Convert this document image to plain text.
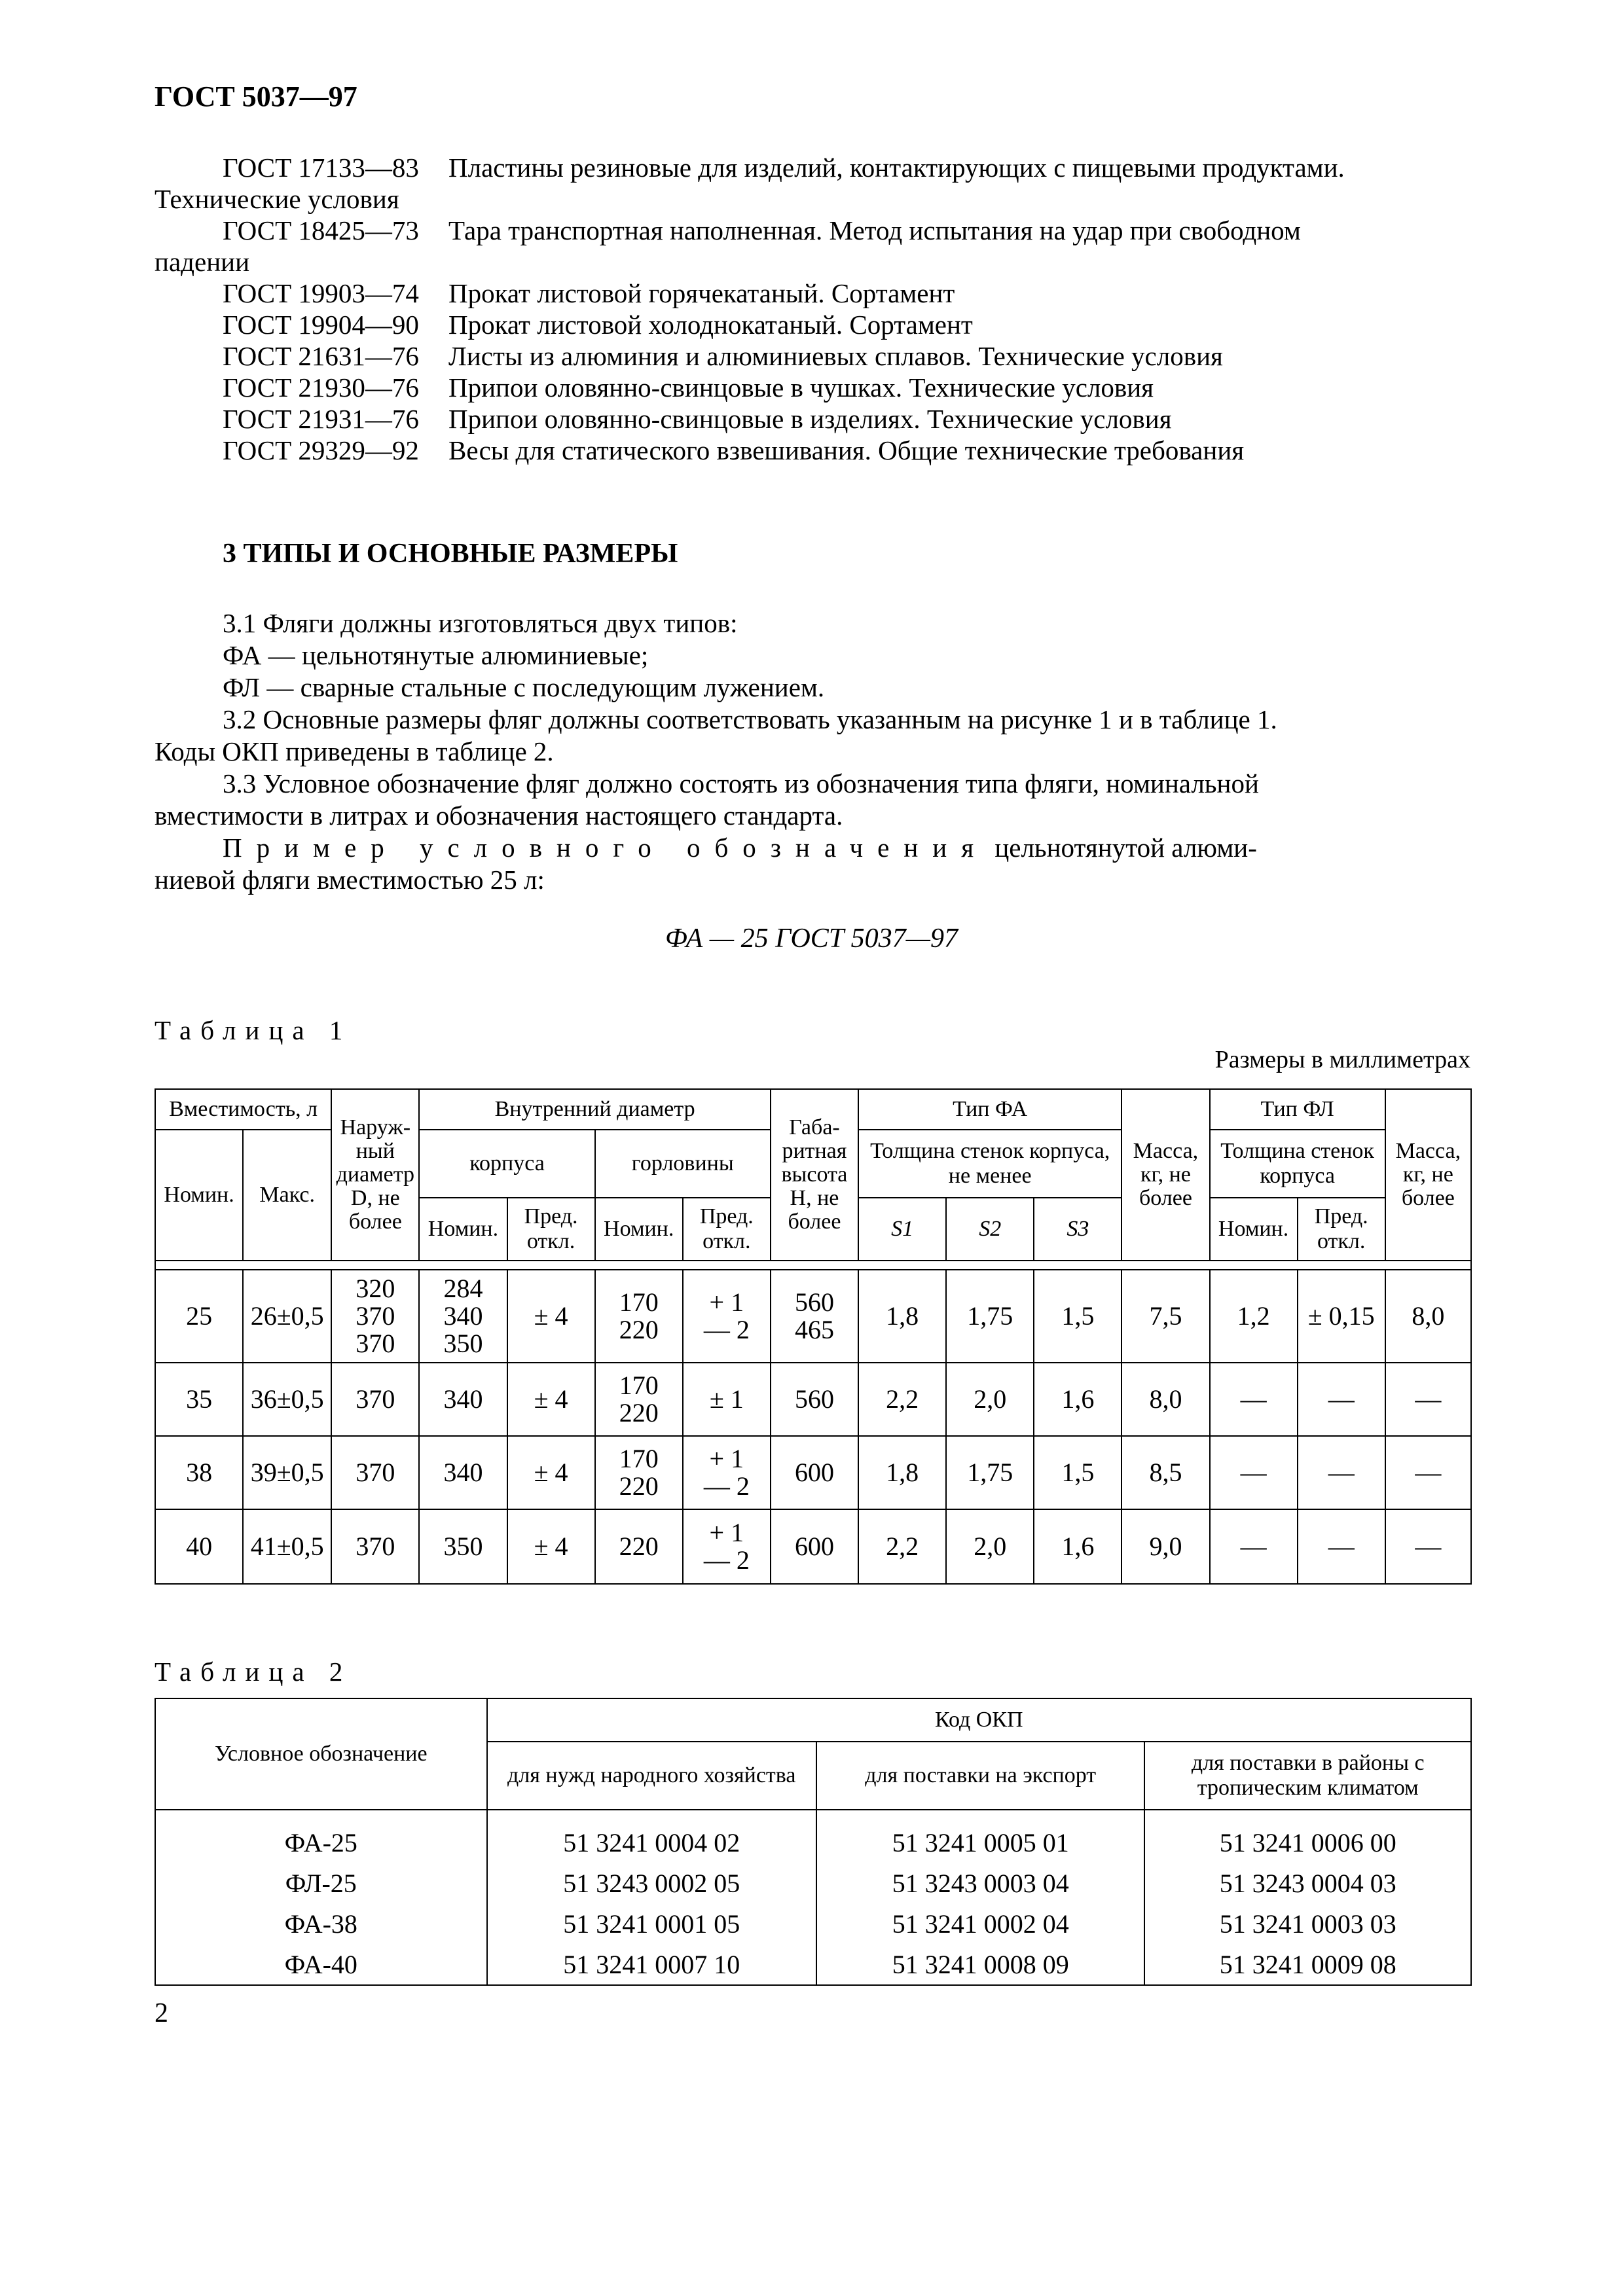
ГОСТ 5037—97
ГОСТ 17133—83 Пластины резиновые для изделий, контактирующих с пищевыми продуктами.
Технические условия
ГОСТ 18425—73 Тара транспортная наполненная. Метод испытания на удар при свободном
падении
ГОСТ 19903—74 Прокат листовой горячекатаный. Сортамент
ГОСТ 19904—90 Прокат листовой холоднокатаный. Сортамент
ГОСТ 21631—76 Листы из алюминия и алюминиевых сплавов. Технические условия
ГОСТ 21930—76 Припои оловянно-свинцовые в чушках. Технические условия
ГОСТ 21931—76 Припои оловянно-свинцовые в изделиях. Технические условия
ГОСТ 29329—92 Весы для статического взвешивания. Общие технические требования
3 ТИПЫ И ОСНОВНЫЕ РАЗМЕРЫ

3.1 Фляги должны изготовляться двух типов:

ФА — цельнотянутые алюминиевые;

ФЛ — сварные стальные с последующим лужением.

3.2 Основные размеры фляг должны соответствовать указанным на рисунке 1 и в таблице 1.

Коды ОКП приведены в таблице 2.

3.3 Условное обозначение фляг должно состоять из обозначения типа фляги, номинальной

вместимости в литрах и обозначения настоящего стандарта.

Пример условного обозначения цельнотянутой алюми-

ниевой фляги вместимостью 25 л:

ФА — 25 ГОСТ 5037—97
Таблица 1
Размеры в миллиметрах
Вместимость, л		Наруж-ный диаметр D, не более	Внутренний диаметр				Габа-ритная высота Н, не более	Тип ФА			Масса, кг, не более	Тип ФЛ		Масса, кг, не более
Номин.	Макс.		корпуса		горловины			Толщина стенок корпуса, не менее				Толщина стенок корпуса		
			Номин.	Пред. откл.	Номин.	Пред. откл.		S1	S2	S3		Номин.	Пред. откл.	

25	26±0,5	320
370
370	284
340
350	± 4	170
220	+ 1
— 2	560
465	1,8	1,75	1,5	7,5	1,2	± 0,15	8,0
35	36±0,5	370	340	± 4	170
220	± 1	560	2,2	2,0	1,6	8,0	—	—	—
38	39±0,5	370	340	± 4	170
220	+ 1
— 2	600	1,8	1,75	1,5	8,5	—	—	—
40	41±0,5	370	350	± 4	220	+ 1
— 2	600	2,2	2,0	1,6	9,0	—	—	—
Таблица 2
Условное обозначение	Код ОКП		
	для нужд народного хозяйства	для поставки на экспорт	для поставки в районы с тропическим климатом

ФА-25	51 3241 0004 02	51 3241 0005 01	51 3241 0006 00
ФЛ-25	51 3243 0002 05	51 3243 0003 04	51 3243 0004 03
ФА-38	51 3241 0001 05	51 3241 0002 04	51 3241 0003 03
ФА-40	51 3241 0007 10	51 3241 0008 09	51 3241 0009 08
2
